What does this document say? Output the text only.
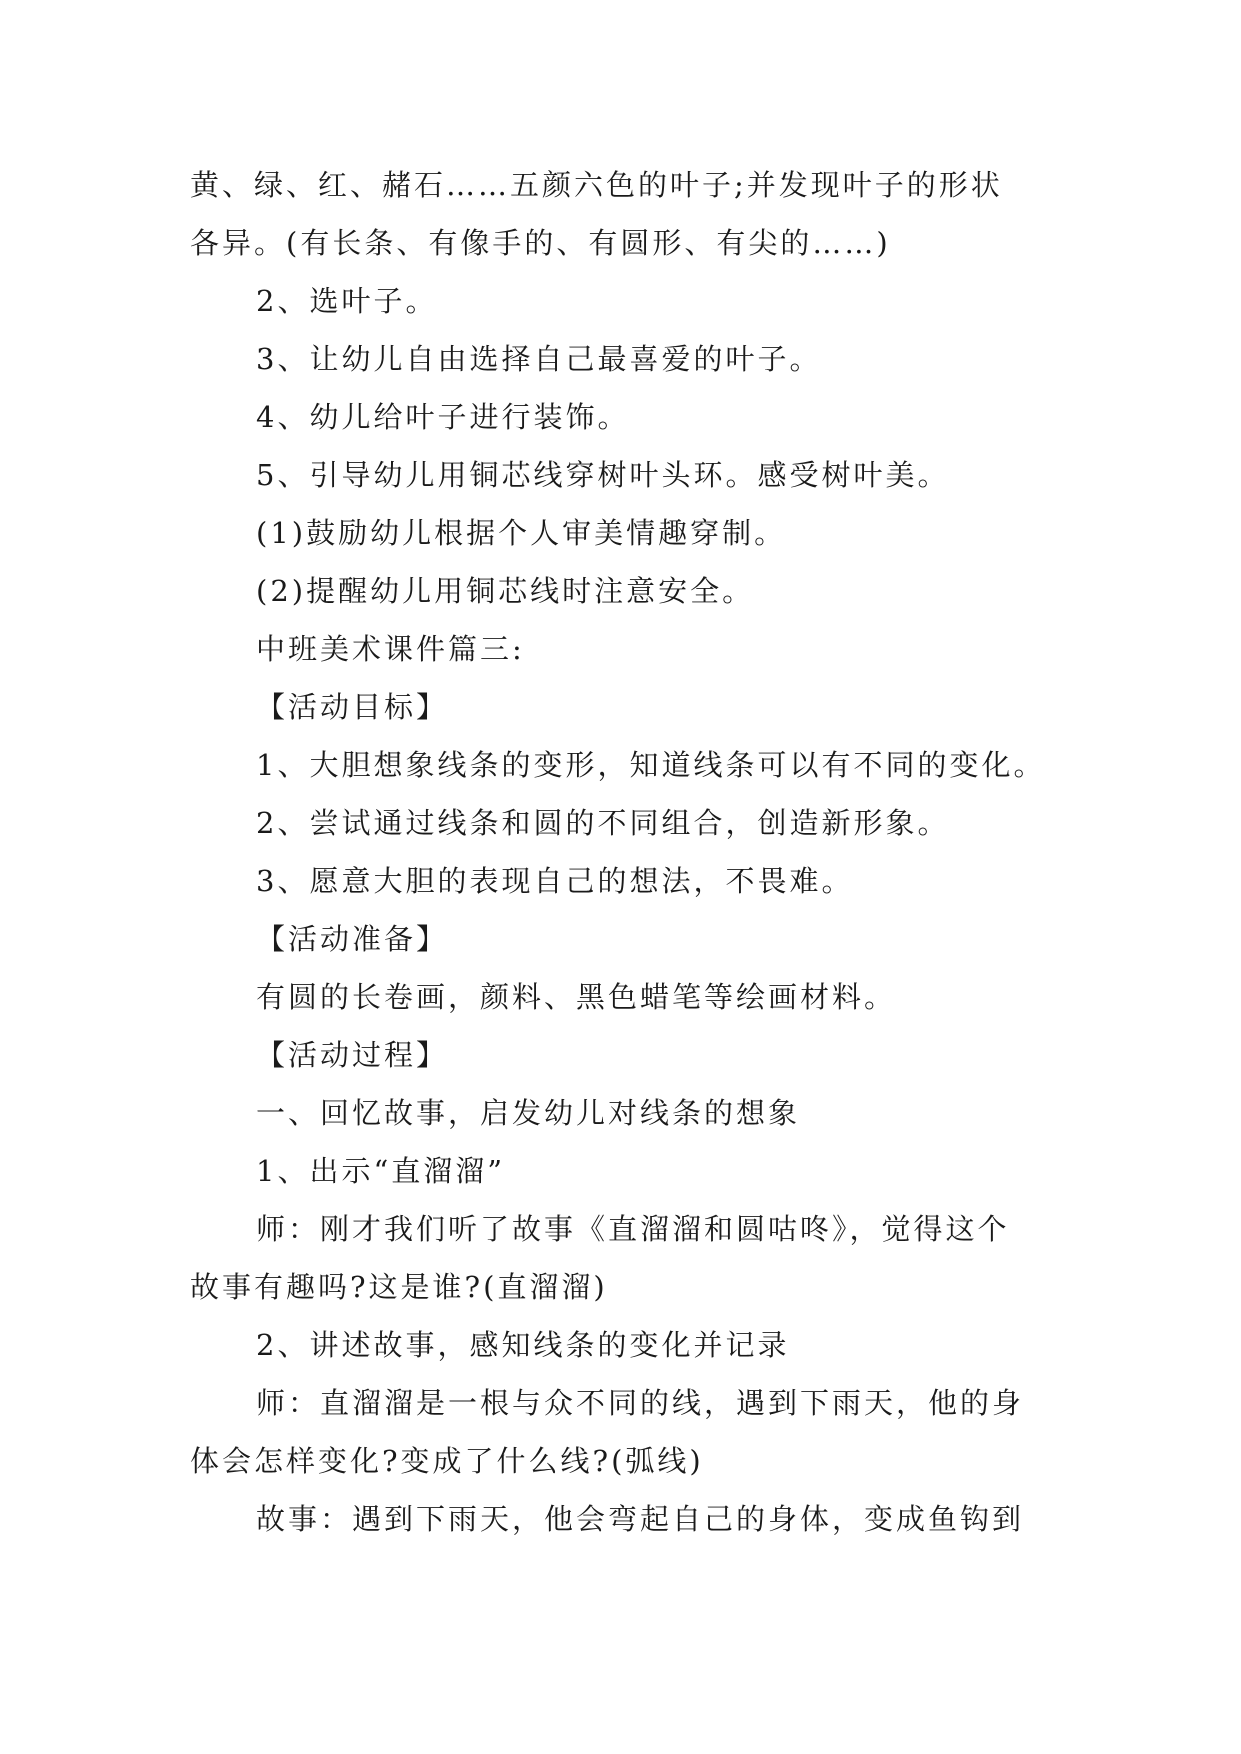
黄、绿、红、赭石……五颜六色的叶子;并发现叶子的形状
各异。(有长条、有像手的、有圆形、有尖的……)
2、选叶子。
3、让幼儿自由选择自己最喜爱的叶子。
4、幼儿给叶子进行装饰。
5、引导幼儿用铜芯线穿树叶头环。感受树叶美。
(1)鼓励幼儿根据个人审美情趣穿制。
(2)提醒幼儿用铜芯线时注意安全。
中班美术课件篇三:
【活动目标】
1、大胆想象线条的变形，知道线条可以有不同的变化。
2、尝试通过线条和圆的不同组合，创造新形象。
3、愿意大胆的表现自己的想法，不畏难。
【活动准备】
有圆的长卷画，颜料、黑色蜡笔等绘画材料。
【活动过程】
一、回忆故事，启发幼儿对线条的想象
1、出示“直溜溜”
师：刚才我们听了故事《直溜溜和圆咕咚》，觉得这个
故事有趣吗?这是谁?(直溜溜)
2、讲述故事，感知线条的变化并记录
师：直溜溜是一根与众不同的线，遇到下雨天，他的身
体会怎样变化?变成了什么线?(弧线)
故事：遇到下雨天，他会弯起自己的身体，变成鱼钩到
